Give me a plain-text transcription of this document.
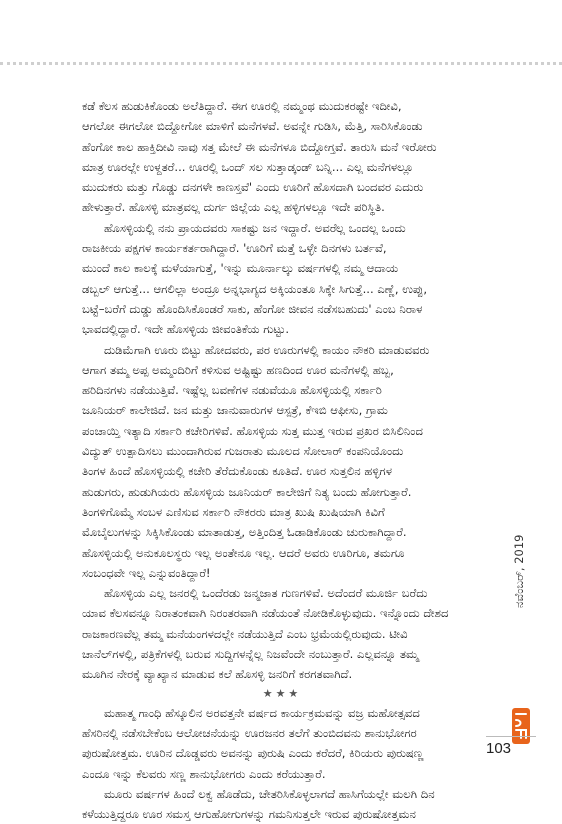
ಕಡೆ ಕೆಲಸ ಹುಡುಕಿಕೊಂಡು ಅಲೆತಿದ್ದಾರೆ. ಈಗ ಊರಲ್ಲಿ ನಮ್ಮಂಥ ಮುದುಕರಷ್ಟೇ ಇದೀವಿ,
ಆಗಲೋ ಈಗಲೋ ಬಿದ್ದೋಗೋ ಮಾಳಿಗೆ ಮನೆಗಳವೆ. ಅವನ್ನೇ ಗುಡಿಸಿ, ಮೆತ್ತಿ, ಸಾರಿಸಿಕೊಂಡು
ಹೆಂಗೋ ಕಾಲ ಹಾಕ್ತಿದೀವಿ ನಾವು ಸತ್ತ ಮೇಲೆ ಈ ಮನೆಗಳೂ ಬಿದ್ದೋಗ್ತವೆ. ತಾರುಸಿ ಮನೆ ಇರೋರು
ಮಾತ್ರ ಊರಲ್ಲೇ ಉಳ್ದತರೆ... ಊರಲ್ಲಿ ಒಂದ್ ಸಲ ಸುತ್ತಾಡ್ಕಂಡ್ ಬನ್ನಿ... ಎಲ್ಲ ಮನೆಗಳಲ್ಲೂ
ಮುದುಕರು ಮತ್ತು ಗೊಡ್ಡು ದನಗಳೇ ಕಾಣಸ್ತವೆ' ಎಂದು ಊರಿಗೆ ಹೊಸದಾಗಿ ಬಂದವರ ಎದುರು
ಹೇಳುತ್ತಾರೆ. ಹೊಸಳ್ಳಿ ಮಾತ್ರವಲ್ಲ ದುರ್ಗ ಜಿಲ್ಲೆಯ ಎಲ್ಲ ಹಳ್ಳಿಗಳಲ್ಲೂ ಇದೇ ಪರಿಸ್ಥಿತಿ.

ಹೊಸಳ್ಳಿಯಲ್ಲಿ ನನು ಪ್ರಾಯದವರು ಸಾಕಷ್ಟು ಜನ ಇದ್ದಾರೆ. ಅವರೆಲ್ಲ ಒಂದಲ್ಲ ಒಂದು
ರಾಜಕೀಯ ಪಕ್ಷಗಳ ಕಾರ್ಯಕರ್ತರಾಗಿದ್ದಾರೆ. 'ಊರಿಗೆ ಮತ್ತೆ ಒಳ್ಳೇ ದಿನಗಳು ಬರ್ತವೆ,
ಮುಂದೆ ಕಾಲ ಕಾಲಕ್ಕೆ ಮಳೆಯಾಗುತ್ತೆ, 'ಇನ್ನು ಮೂರ್ನಾಲ್ಕು ವರ್ಷಗಳಲ್ಲಿ ನಮ್ಮ ಆದಾಯ
ಡಬ್ಬಲ್ ಆಗುತ್ತೆ... ಆಗಲಿಲ್ಲಾ ಅಂದ್ರೂ ಅನ್ನಭಾಗ್ಯದ ಅಕ್ಕಿಯಂತೂ ಸಿಕ್ಕೇ ಸಿಗುತ್ತೆ... ಎಣ್ಣೆ, ಉಪ್ಪು,
ಬಟ್ಟೆ–ಬರೆಗೆ ದುಡ್ಡು ಹೊಂದಿಸಿಕೊಂಡರೆ ಸಾಕು, ಹೆಂಗೋ ಜೀವನ ನಡೆಸಬಹುದು' ಎಂಬ ನಿರಾಳ
ಭಾವದಲ್ಲಿದ್ದಾರೆ. ಇದೇ ಹೊಸಳ್ಳಿಯ ಜೀವಂತಿಕೆಯ ಗುಟ್ಟು.

ದುಡಿಮೆಗಾಗಿ ಊರು ಬಿಟ್ಟು ಹೋದವರು, ಪರ ಊರುಗಳಲ್ಲಿ ಕಾಯಂ ನೌಕರಿ ಮಾಡುವವರು
ಆಗಾಗ ತಮ್ಮ ಅಪ್ಪ ಅಮ್ಮಂದಿರಿಗೆ ಕಳಿಸುವ ಅಷ್ಟಿಷ್ಟು ಹಣದಿಂದ ಊರ ಮನೆಗಳಲ್ಲಿ ಹಬ್ಬ,
ಹರಿದಿನಗಳು ನಡೆಯುತ್ತಿವೆ. ಇಷ್ಟೆಲ್ಲ ಬವಣೆಗಳ ನಡುವೆಯೂ ಹೊಸಳ್ಳಿಯಲ್ಲಿ ಸರ್ಕಾರಿ
ಜೂನಿಯರ್ ಕಾಲೇಜಿದೆ. ಜನ ಮತ್ತು ಜಾನುವಾರುಗಳ ಆಸ್ಪತ್ರೆ, ಕೆಇಬಿ ಆಫೀಸು, ಗ್ರಾಮ
ಪಂಚಾಯ್ತಿ ಇತ್ಯಾದಿ ಸರ್ಕಾರಿ ಕಚೇರಿಗಳಿವೆ. ಹೊಸಳ್ಳಿಯ ಸುತ್ತ ಮುತ್ತ ಇರುವ ಪ್ರಖರ ಬಿಸಿಲಿನಿಂದ
ವಿದ್ಯುತ್ ಉತ್ಪಾದಿಸಲು ಮುಂದಾಗಿರುವ ಗುಜರಾತು ಮೂಲದ ಸೋಲಾರ್ ಕಂಪನಿಯೊಂದು
ತಿಂಗಳ ಹಿಂದೆ ಹೊಸಳ್ಳಿಯಲ್ಲಿ ಕಚೇರಿ ತೆರೆದುಕೊಂಡು ಕೂತಿದೆ. ಊರ ಸುತ್ತಲಿನ ಹಳ್ಳಿಗಳ
ಹುಡುಗರು, ಹುಡುಗಿಯರು ಹೊಸಳ್ಳಿಯ ಜೂನಿಯರ್ ಕಾಲೇಜಿಗೆ ನಿತ್ಯ ಬಂದು ಹೋಗುತ್ತಾರೆ.
ತಿಂಗಳಿಗೊಮ್ಮೆ ಸಂಬಳ ಎಣಿಸುವ ಸರ್ಕಾರಿ ನೌಕರರು ಮಾತ್ರ ಖುಷಿ ಖುಷಿಯಾಗಿ ಕಿವಿಗೆ
ಮೊಬೈಲುಗಳನ್ನು ಸಿಕ್ಕಿಸಿಕೊಂಡು ಮಾತಾಡುತ್ತ, ಅತ್ತಿಂದಿತ್ತ ಓಡಾಡಿಕೊಂಡು ಚುರುಕಾಗಿದ್ದಾರೆ.
ಹೊಸಳ್ಳಿಯಲ್ಲಿ ಅನುಕೂಲಸ್ಥರು ಇಲ್ಲ ಅಂತೇನೂ ಇಲ್ಲ. ಆದರೆ ಅವರು ಊರಿಗೂ, ತಮಗೂ
ಸಂಬಂಧವೇ ಇಲ್ಲ ಎನ್ನುವಂತಿದ್ದಾರೆ!

ಹೊಸಳ್ಳಿಯ ಎಲ್ಲ ಜನರಲ್ಲಿ ಒಂದೆರಡು ಜನ್ಮಜಾತ ಗುಣಗಳಿವೆ. ಅದೆಂದರೆ ಮೂರ್ಜಿ ಬರೆದು
ಯಾವ ಕೆಲಸವನ್ನೂ ನಿರಾತಂಕವಾಗಿ ನಿರಂತರವಾಗಿ ನಡೆಯಂತೆ ನೋಡಿಕೊಳ್ಳುವುದು. ಇನ್ನೊಂದು ದೇಶದ
ರಾಜಕಾರಣವೆಲ್ಲ ತಮ್ಮ ಮನೆಯಂಗಳದಲ್ಲೇ ನಡೆಯುತ್ತಿದೆ ಎಂಬ ಭ್ರಮೆಯಲ್ಲಿರುವುದು. ಟೀವಿ
ಚಾನೆಲ್‌ಗಳಲ್ಲಿ, ಪತ್ರಿಕೆಗಳಲ್ಲಿ ಬರುವ ಸುದ್ದಿಗಳನ್ನೆಲ್ಲ ನಿಜವೆಂದೇ ನಂಬುತ್ತಾರೆ. ಎಲ್ಲವನ್ನೂ ತಮ್ಮ
ಮೂಗಿನ ನೇರಕ್ಕೆ ವ್ಯಾಖ್ಯಾನ ಮಾಡುವ ಕಲೆ ಹೊಸಳ್ಳಿ ಜನರಿಗೆ ಕರಗತವಾಗಿದೆ.

★★★

ಮಹಾತ್ಮ ಗಾಂಧಿ ಹೆಸ್ಕೂಲಿನ ಅರವತ್ತನೇ ವರ್ಷದ ಕಾರ್ಯಕ್ರಮವನ್ನು ವಜ್ರ ಮಹೋತ್ಸವದ
ಹೆಸರಿನಲ್ಲಿ ನಡೆಸಬೇಕೆಂಬ ಆಲೋಚನೆಯನ್ನು ಊರಜನರ ತಲೆಗೆ ತುಂಬಿದವನು ಶಾನುಭೋಗರ
ಪುರುಷೋತ್ತಮ. ಊರಿನ ದೊಡ್ಡವರು ಅವನನ್ನು ಪುರುಷಿ ಎಂದು ಕರೆದರೆ, ಕಿರಿಯರು ಪುರುಷಣ್ಣ
ಎಂದೂ ಇನ್ನು ಕೆಲವರು ಸಣ್ಣ ಶಾನುಭೋಗರು ಎಂದು ಕರೆಯುತ್ತಾರೆ.

ಮೂರು ವರ್ಷಗಳ ಹಿಂದೆ ಲಕ್ವ ಹೊಡೆದು, ಚೇತರಿಸಿಕೊಳ್ಳಲಾಗದೆ ಹಾಸಿಗೆಯಲ್ಲೇ ಮಲಗಿ ದಿನ
ಕಳೆಯುತ್ತಿದ್ದರೂ ಊರ ಸಮಸ್ತ ಆಗುಹೋಗುಗಳನ್ನು ಗಮನಿಸುತ್ತಲೇ ಇರುವ ಪುರುಷೋತ್ತಮನ

ನವೆಂಬರ್, 2019
103
